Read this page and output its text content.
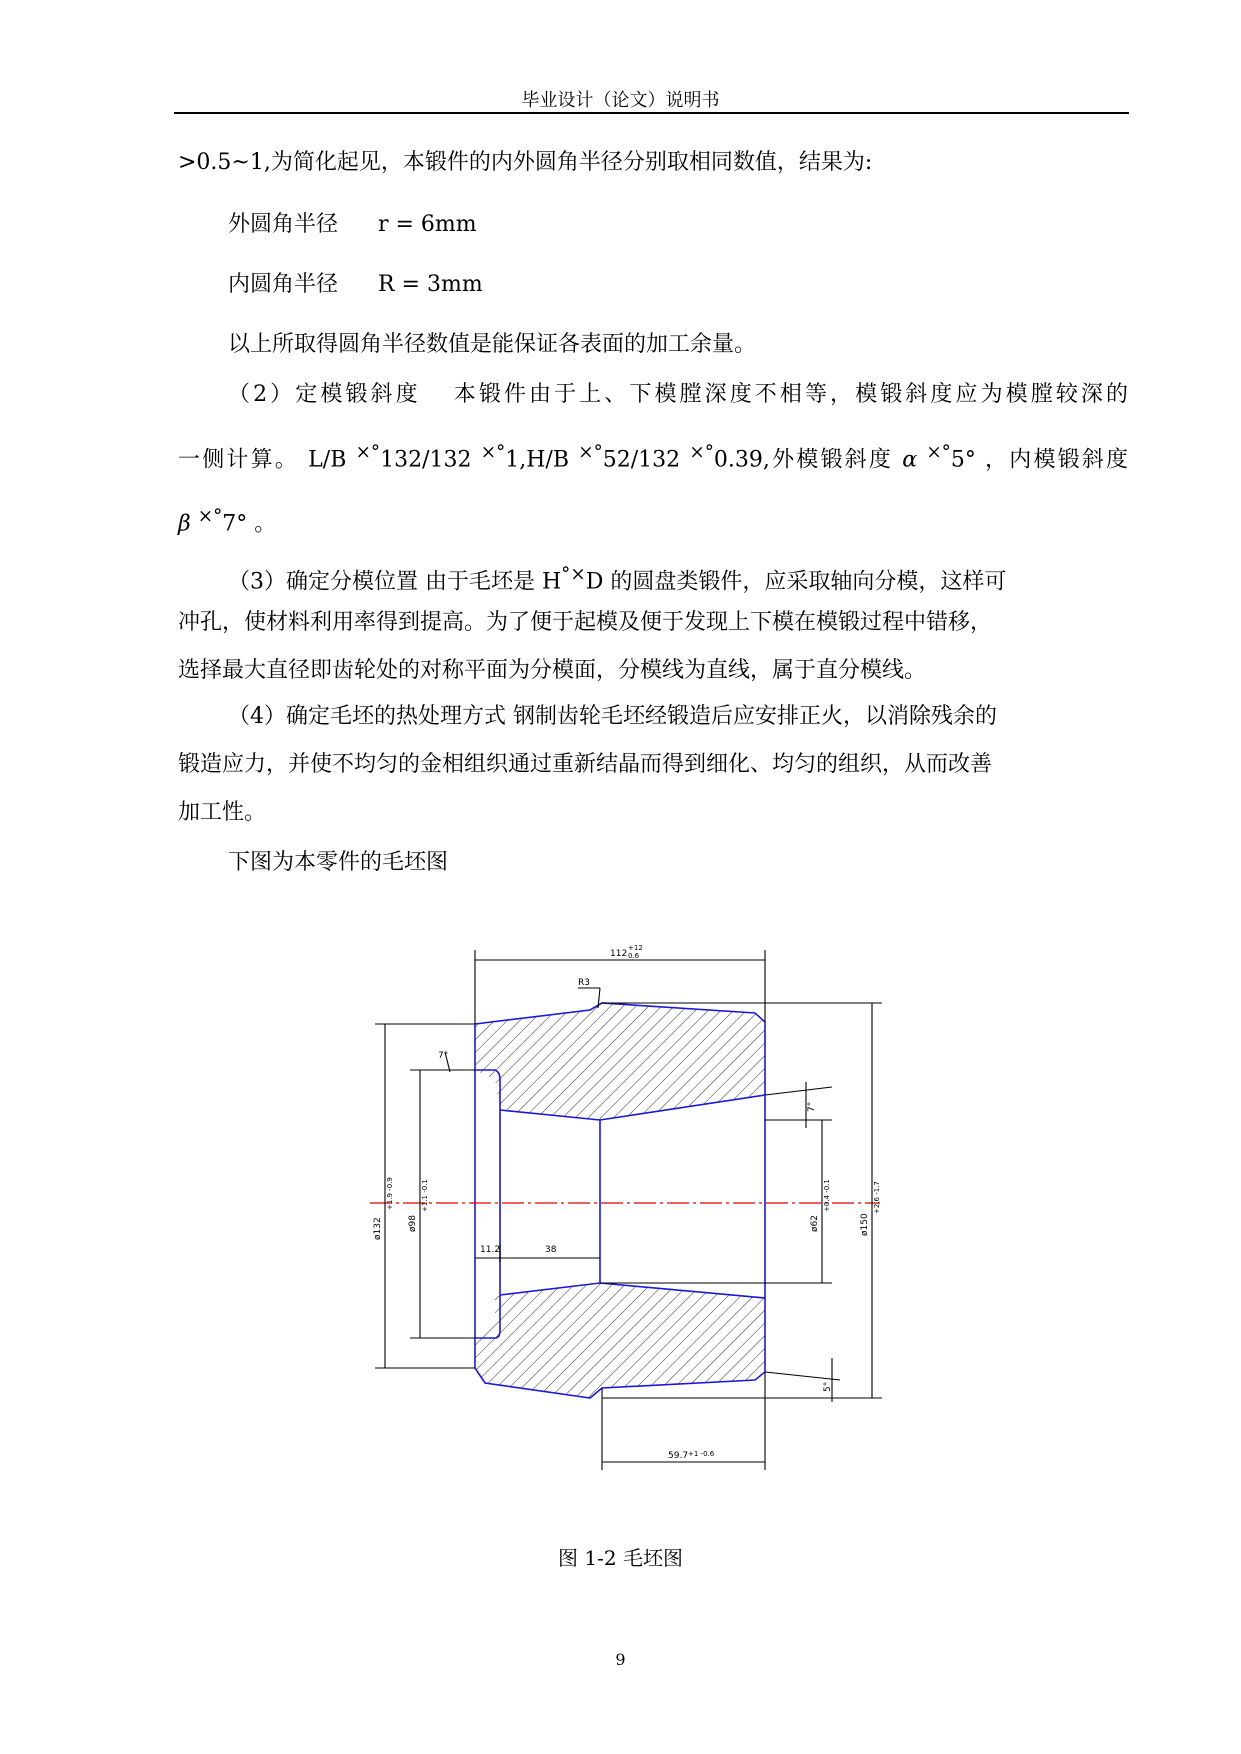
毕业设计（论文）说明书
>0.5~1,为简化起见，本锻件的内外圆角半径分别取相同数值，结果为:
外圆角半径 r = 6mm
内圆角半径 R = 3mm
以上所取得圆角半径数值是能保证各表面的加工余量。
（2）定模锻斜度 本锻件由于上、下模膛深度不相等，模锻斜度应为模膛较深的
一侧计算。 L/B ×°132/132 ×°1,H/B ×°52/132 ×°0.39,外模锻斜度 α ×°5° ，内模锻斜度
β ×°7° 。
（3）确定分模位置 由于毛坯是 H°×D 的圆盘类锻件，应采取轴向分模，这样可
冲孔，使材料利用率得到提高。为了便于起模及便于发现上下模在模锻过程中错移，
选择最大直径即齿轮处的对称平面为分模面，分模线为直线，属于直分模线。
（4）确定毛坯的热处理方式 钢制齿轮毛坯经锻造后应安排正火，以消除残余的
锻造应力，并使不均匀的金相组织通过重新结晶而得到细化、均匀的组织，从而改善
加工性。
下图为本零件的毛坯图
112
+12
0.6
R3
7°
ø132
+1.9 -0.9
ø98
+1.1 -0.1
7°
ø62
+0.4 -0.1
ø150
+2.6 -1.7
5°
11.2	38
59.7 +1 -0.6
图 1-2 毛坯图
9
